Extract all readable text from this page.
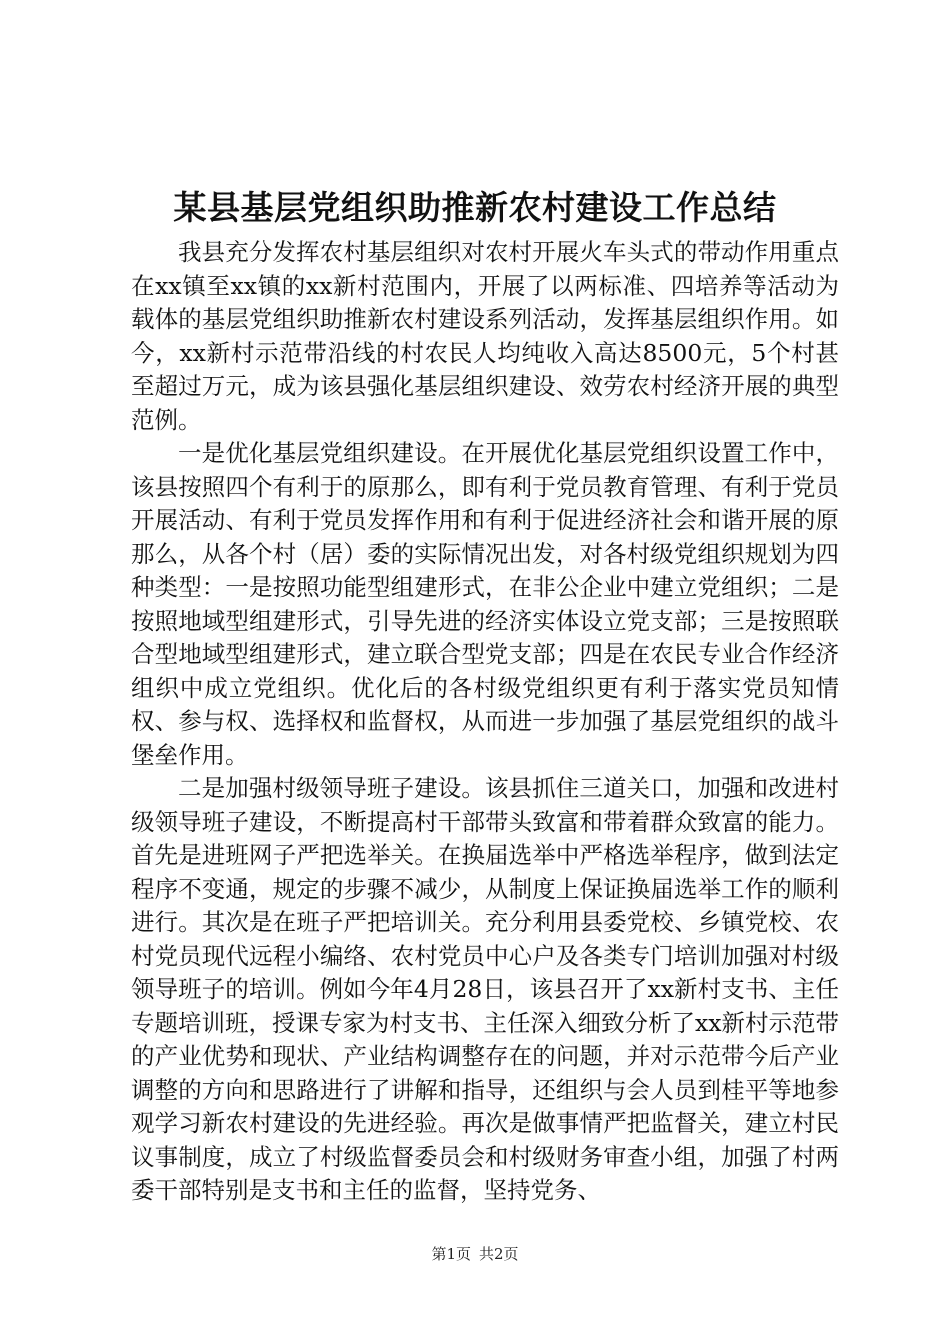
某县基层党组织助推新农村建设工作总结

我县充分发挥农村基层组织对农村开展火车头式的带动作用重点在xx镇至xx镇的xx新村范围内，开展了以两标准、四培养等活动为载体的基层党组织助推新农村建设系列活动，发挥基层组织作用。如今，xx新村示范带沿线的村农民人均纯收入高达8500元，5个村甚至超过万元，成为该县强化基层组织建设、效劳农村经济开展的典型范例。

一是优化基层党组织建设。在开展优化基层党组织设置工作中，该县按照四个有利于的原那么，即有利于党员教育管理、有利于党员开展活动、有利于党员发挥作用和有利于促进经济社会和谐开展的原那么，从各个村（居）委的实际情况出发，对各村级党组织规划为四种类型：一是按照功能型组建形式，在非公企业中建立党组织；二是按照地域型组建形式，引导先进的经济实体设立党支部；三是按照联合型地域型组建形式，建立联合型党支部；四是在农民专业合作经济组织中成立党组织。优化后的各村级党组织更有利于落实党员知情权、参与权、选择权和监督权，从而进一步加强了基层党组织的战斗堡垒作用。

二是加强村级领导班子建设。该县抓住三道关口，加强和改进村级领导班子建设，不断提高村干部带头致富和带着群众致富的能力。首先是进班网子严把选举关。在换届选举中严格选举程序，做到法定程序不变通，规定的步骤不减少，从制度上保证换届选举工作的顺利进行。其次是在班子严把培训关。充分利用县委党校、乡镇党校、农村党员现代远程小编络、农村党员中心户及各类专门培训加强对村级领导班子的培训。例如今年4月28日，该县召开了xx新村支书、主任专题培训班，授课专家为村支书、主任深入细致分析了xx新村示范带的产业优势和现状、产业结构调整存在的问题，并对示范带今后产业调整的方向和思路进行了讲解和指导，还组织与会人员到桂平等地参观学习新农村建设的先进经验。再次是做事情严把监督关，建立村民议事制度，成立了村级监督委员会和村级财务审查小组，加强了村两委干部特别是支书和主任的监督，坚持党务、

第1页 共2页
